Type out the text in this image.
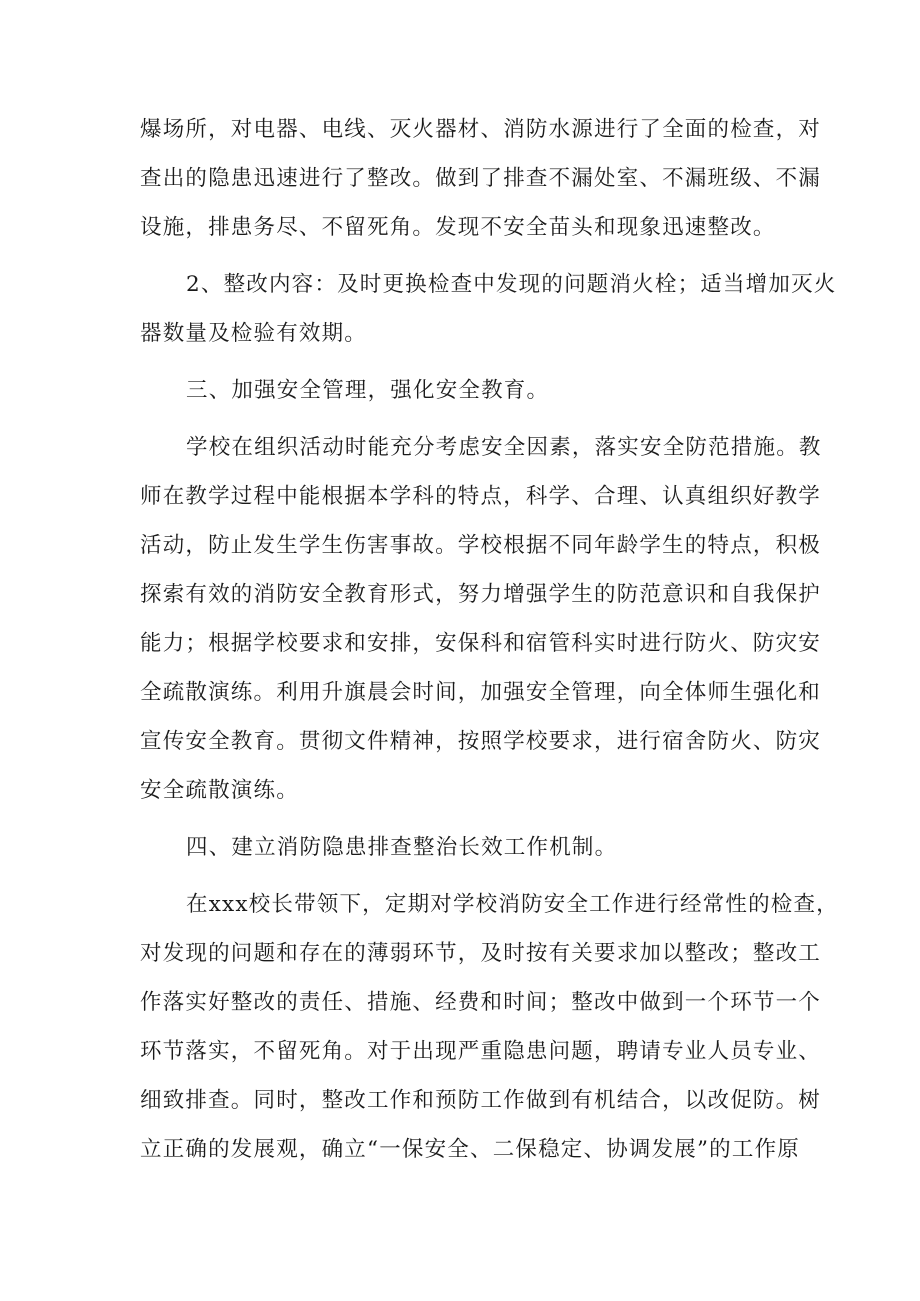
爆场所，对电器、电线、灭火器材、消防水源进行了全面的检查，对
查出的隐患迅速进行了整改。做到了排查不漏处室、不漏班级、不漏
设施，排患务尽、不留死角。发现不安全苗头和现象迅速整改。
2、整改内容：及时更换检查中发现的问题消火栓；适当增加灭火
器数量及检验有效期。
三、加强安全管理，强化安全教育。
学校在组织活动时能充分考虑安全因素，落实安全防范措施。教
师在教学过程中能根据本学科的特点，科学、合理、认真组织好教学
活动，防止发生学生伤害事故。学校根据不同年龄学生的特点，积极
探索有效的消防安全教育形式，努力增强学生的防范意识和自我保护
能力；根据学校要求和安排，安保科和宿管科实时进行防火、防灾安
全疏散演练。利用升旗晨会时间，加强安全管理，向全体师生强化和
宣传安全教育。贯彻文件精神，按照学校要求，进行宿舍防火、防灾
安全疏散演练。
四、建立消防隐患排查整治长效工作机制。
在xxx校长带领下，定期对学校消防安全工作进行经常性的检查，
对发现的问题和存在的薄弱环节，及时按有关要求加以整改；整改工
作落实好整改的责任、措施、经费和时间；整改中做到一个环节一个
环节落实，不留死角。对于出现严重隐患问题，聘请专业人员专业、
细致排查。同时，整改工作和预防工作做到有机结合，以改促防。树
立正确的发展观，确立“一保安全、二保稳定、协调发展”的工作原
